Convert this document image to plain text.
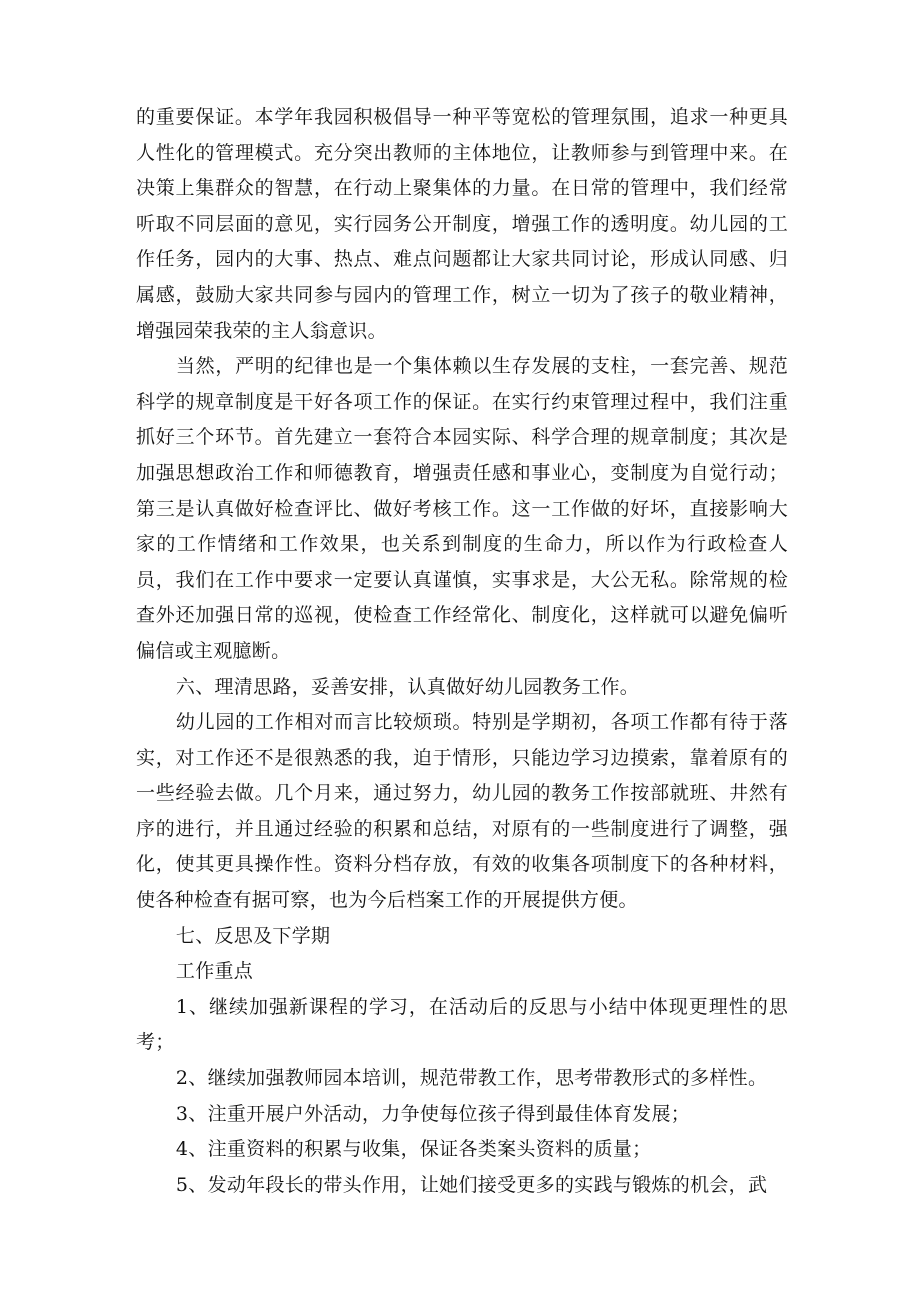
的重要保证。本学年我园积极倡导一种平等宽松的管理氛围，追求一种更具人性化的管理模式。充分突出教师的主体地位，让教师参与到管理中来。在决策上集群众的智慧，在行动上聚集体的力量。在日常的管理中，我们经常听取不同层面的意见，实行园务公开制度，增强工作的透明度。幼儿园的工作任务，园内的大事、热点、难点问题都让大家共同讨论，形成认同感、归属感，鼓励大家共同参与园内的管理工作，树立一切为了孩子的敬业精神，增强园荣我荣的主人翁意识。

当然，严明的纪律也是一个集体赖以生存发展的支柱，一套完善、规范科学的规章制度是干好各项工作的保证。在实行约束管理过程中，我们注重抓好三个环节。首先建立一套符合本园实际、科学合理的规章制度；其次是加强思想政治工作和师德教育，增强责任感和事业心，变制度为自觉行动；第三是认真做好检查评比、做好考核工作。这一工作做的好坏，直接影响大家的工作情绪和工作效果，也关系到制度的生命力，所以作为行政检查人员，我们在工作中要求一定要认真谨慎，实事求是，大公无私。除常规的检查外还加强日常的巡视，使检查工作经常化、制度化，这样就可以避免偏听偏信或主观臆断。

六、理清思路，妥善安排，认真做好幼儿园教务工作。

幼儿园的工作相对而言比较烦琐。特别是学期初，各项工作都有待于落实，对工作还不是很熟悉的我，迫于情形，只能边学习边摸索，靠着原有的一些经验去做。几个月来，通过努力，幼儿园的教务工作按部就班、井然有序的进行，并且通过经验的积累和总结，对原有的一些制度进行了调整，强化，使其更具操作性。资料分档存放，有效的收集各项制度下的各种材料，使各种检查有据可察，也为今后档案工作的开展提供方便。

七、反思及下学期

工作重点

1、继续加强新课程的学习，在活动后的反思与小结中体现更理性的思考；

2、继续加强教师园本培训，规范带教工作，思考带教形式的多样性。

3、注重开展户外活动，力争使每位孩子得到最佳体育发展；

4、注重资料的积累与收集，保证各类案头资料的质量；

5、发动年段长的带头作用，让她们接受更多的实践与锻炼的机会，武
